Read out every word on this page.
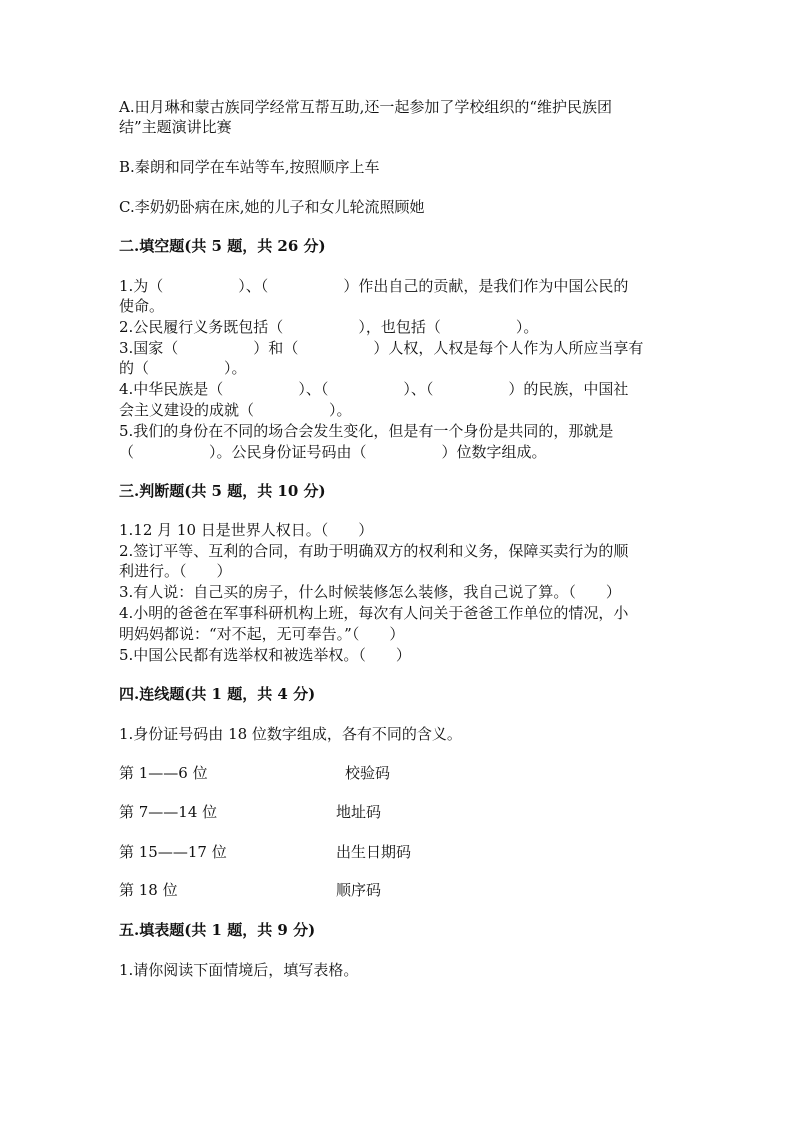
A.田月琳和蒙古族同学经常互帮互助,还一起参加了学校组织的“维护民族团
结”主题演讲比赛
B.秦朗和同学在车站等车,按照顺序上车
C.李奶奶卧病在床,她的儿子和女儿轮流照顾她
二.填空题(共 5 题，共 26 分)
1.为（　　　　　）、（　　　　　）作出自己的贡献，是我们作为中国公民的
使命。
2.公民履行义务既包括（　　　　　），也包括（　　　　　）。
3.国家（　　　　　）和（　　　　　）人权，人权是每个人作为人所应当享有
的（　　　　　）。
4.中华民族是（　　　　　）、（　　　　　）、（　　　　　）的民族，中国社
会主义建设的成就（　　　　　）。
5.我们的身份在不同的场合会发生变化，但是有一个身份是共同的，那就是
（　　　　　）。公民身份证号码由（　　　　　）位数字组成。
三.判断题(共 5 题，共 10 分)
1.12 月 10 日是世界人权日。（　　）
2.签订平等、互利的合同，有助于明确双方的权利和义务，保障买卖行为的顺
利进行。（　　）
3.有人说：自己买的房子，什么时候装修怎么装修，我自己说了算。（　　）
4.小明的爸爸在军事科研机构上班，每次有人问关于爸爸工作单位的情况，小
明妈妈都说：“对不起，无可奉告。”（　　）
5.中国公民都有选举权和被选举权。（　　）
四.连线题(共 1 题，共 4 分)
1.身份证号码由 18 位数字组成，各有不同的含义。
第 1——6 位	校验码
第 7——14 位	地址码
第 15——17 位	出生日期码
第 18 位	顺序码
五.填表题(共 1 题，共 9 分)
1.请你阅读下面情境后，填写表格。
